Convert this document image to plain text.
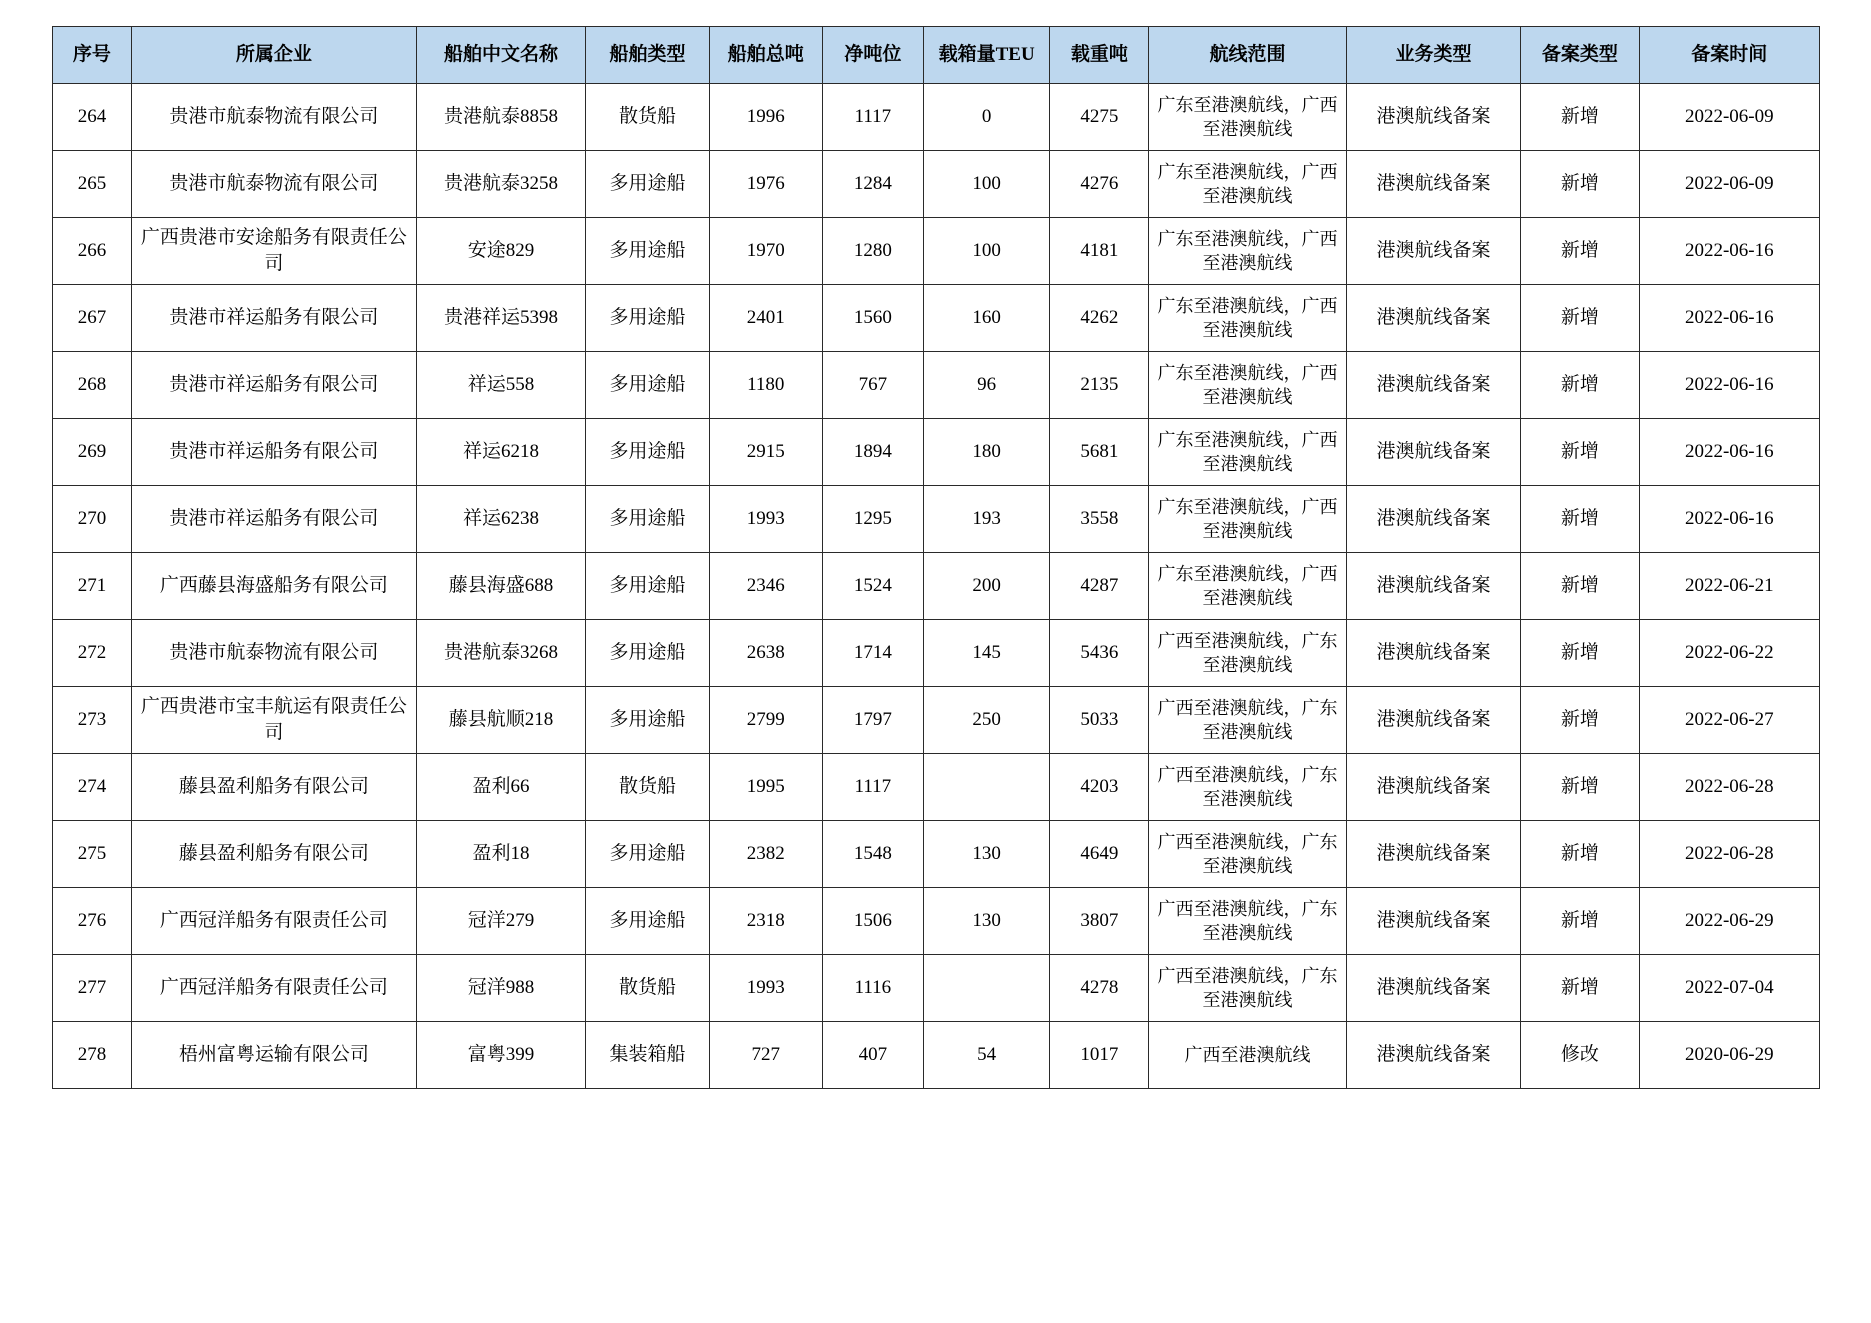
序号	所属企业	船舶中文名称	船舶类型	船舶总吨	净吨位	载箱量TEU	载重吨	航线范围	业务类型	备案类型	备案时间
264	贵港市航泰物流有限公司	贵港航泰8858	散货船	1996	1117	0	4275	广东至港澳航线，广西至港澳航线	港澳航线备案	新增	2022-06-09
265	贵港市航泰物流有限公司	贵港航泰3258	多用途船	1976	1284	100	4276	广东至港澳航线，广西至港澳航线	港澳航线备案	新增	2022-06-09
266	广西贵港市安途船务有限责任公司	安途829	多用途船	1970	1280	100	4181	广东至港澳航线，广西至港澳航线	港澳航线备案	新增	2022-06-16
267	贵港市祥运船务有限公司	贵港祥运5398	多用途船	2401	1560	160	4262	广东至港澳航线，广西至港澳航线	港澳航线备案	新增	2022-06-16
268	贵港市祥运船务有限公司	祥运558	多用途船	1180	767	96	2135	广东至港澳航线，广西至港澳航线	港澳航线备案	新增	2022-06-16
269	贵港市祥运船务有限公司	祥运6218	多用途船	2915	1894	180	5681	广东至港澳航线，广西至港澳航线	港澳航线备案	新增	2022-06-16
270	贵港市祥运船务有限公司	祥运6238	多用途船	1993	1295	193	3558	广东至港澳航线，广西至港澳航线	港澳航线备案	新增	2022-06-16
271	广西藤县海盛船务有限公司	藤县海盛688	多用途船	2346	1524	200	4287	广东至港澳航线，广西至港澳航线	港澳航线备案	新增	2022-06-21
272	贵港市航泰物流有限公司	贵港航泰3268	多用途船	2638	1714	145	5436	广西至港澳航线，广东至港澳航线	港澳航线备案	新增	2022-06-22
273	广西贵港市宝丰航运有限责任公司	藤县航顺218	多用途船	2799	1797	250	5033	广西至港澳航线，广东至港澳航线	港澳航线备案	新增	2022-06-27
274	藤县盈利船务有限公司	盈利66	散货船	1995	1117		4203	广西至港澳航线，广东至港澳航线	港澳航线备案	新增	2022-06-28
275	藤县盈利船务有限公司	盈利18	多用途船	2382	1548	130	4649	广西至港澳航线，广东至港澳航线	港澳航线备案	新增	2022-06-28
276	广西冠洋船务有限责任公司	冠洋279	多用途船	2318	1506	130	3807	广西至港澳航线，广东至港澳航线	港澳航线备案	新增	2022-06-29
277	广西冠洋船务有限责任公司	冠洋988	散货船	1993	1116		4278	广西至港澳航线，广东至港澳航线	港澳航线备案	新增	2022-07-04
278	梧州富粤运输有限公司	富粤399	集装箱船	727	407	54	1017	广西至港澳航线	港澳航线备案	修改	2020-06-29
